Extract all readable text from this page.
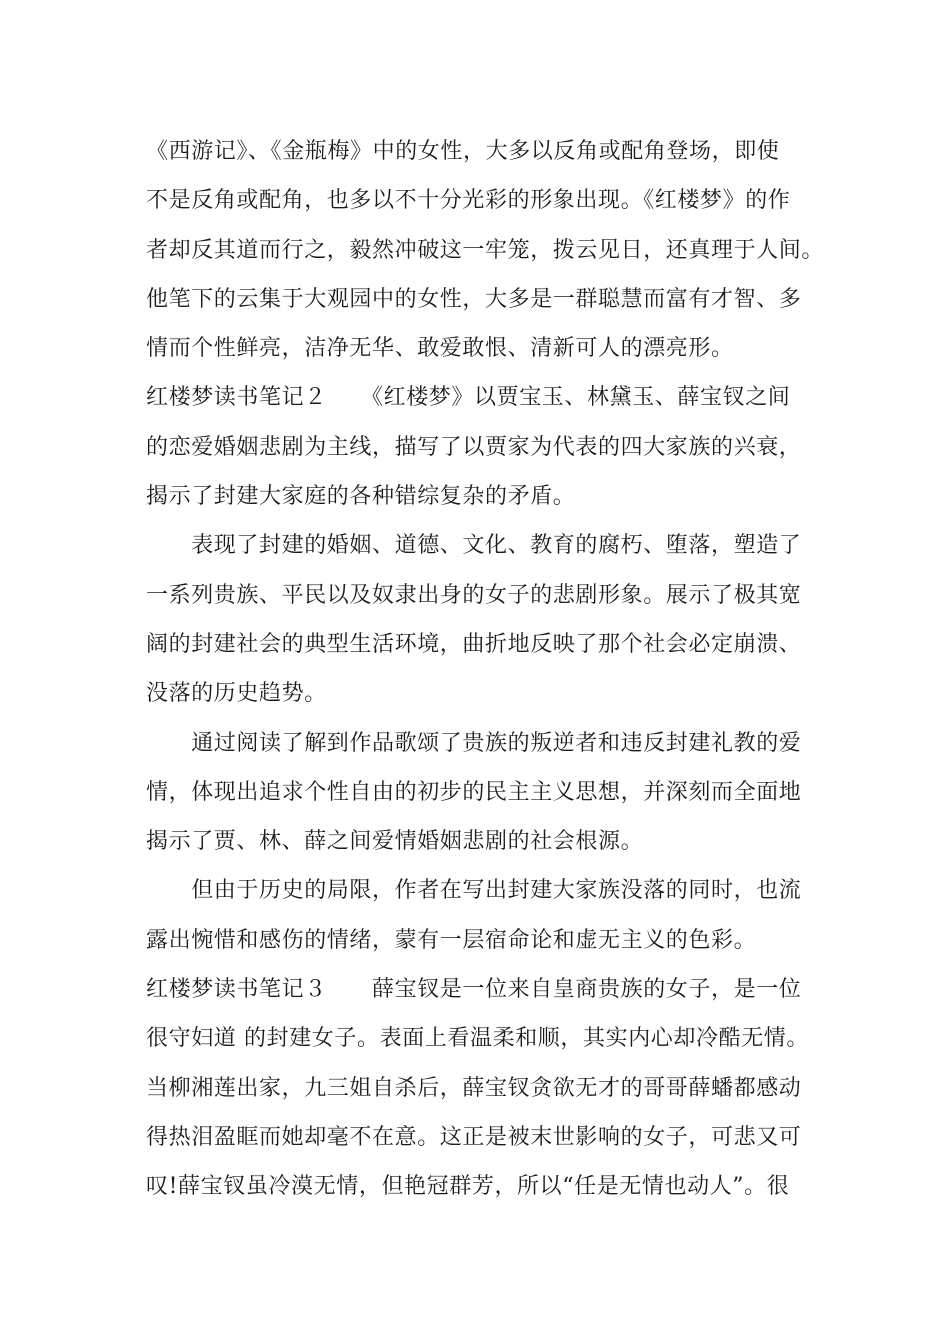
《西游记》、《金瓶梅》中的女性，大多以反角或配角登场，即使
不是反角或配角，也多以不十分光彩的形象出现。《红楼梦》的作
者却反其道而行之，毅然冲破这一牢笼，拨云见日，还真理于人间。
他笔下的云集于大观园中的女性，大多是一群聪慧而富有才智、多
情而个性鲜亮，洁净无华、敢爱敢恨、清新可人的漂亮形。
红楼梦读书笔记２　　《红楼梦》以贾宝玉、林黛玉、薛宝钗之间
的恋爱婚姻悲剧为主线，描写了以贾家为代表的四大家族的兴衰，
揭示了封建大家庭的各种错综复杂的矛盾。
　　表现了封建的婚姻、道德、文化、教育的腐朽、堕落，塑造了
一系列贵族、平民以及奴隶出身的女子的悲剧形象。展示了极其宽
阔的封建社会的典型生活环境，曲折地反映了那个社会必定崩溃、
没落的历史趋势。
　　通过阅读了解到作品歌颂了贵族的叛逆者和违反封建礼教的爱
情，体现出追求个性自由的初步的民主主义思想，并深刻而全面地
揭示了贾、林、薛之间爱情婚姻悲剧的社会根源。
　　但由于历史的局限，作者在写出封建大家族没落的同时，也流
露出惋惜和感伤的情绪，蒙有一层宿命论和虚无主义的色彩。
红楼梦读书笔记３　　薛宝钗是一位来自皇商贵族的女子，是一位
很守妇道 的封建女子。表面上看温柔和顺，其实内心却冷酷无情。
当柳湘莲出家，九三姐自杀后，薛宝钗贪欲无才的哥哥薛蟠都感动
得热泪盈眶而她却毫不在意。这正是被末世影响的女子，可悲又可
叹!薛宝钗虽冷漠无情，但艳冠群芳，所以“任是无情也动人”。很
